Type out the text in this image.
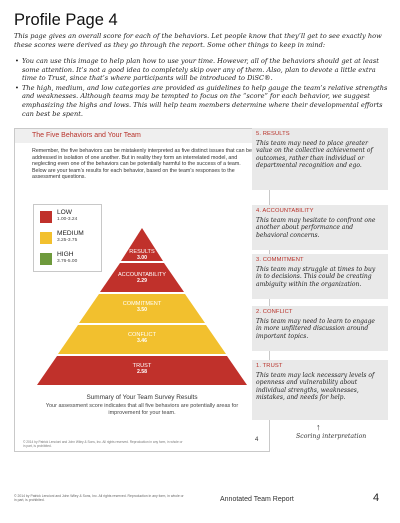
Profile Page 4
This page gives an overall score for each of the behaviors. Let people know that they’ll get to see exactly how these scores were derived as they go through the report. Some other things to keep in mind:
• You can use this image to help plan how to use your time. However, all of the behaviors should get at least some attention. It’s not a good idea to completely skip over any of them. Also, plan to devote a little extra time to Trust, since that’s where participants will be introduced to DiSC®.
• The high, medium, and low categories are provided as guidelines to help gauge the team’s relative strengths and weaknesses. Although teams may be tempted to focus on the “score” for each behavior, we suggest emphasizing the highs and lows. This will help team members determine where their developmental efforts can best be spent.
The Five Behaviors and Your Team
Remember, the five behaviors can be mistakenly interpreted as five distinct issues that can be addressed in isolation of one another. But in reality they form an interrelated model, and neglecting even one of the behaviors can be potentially harmful to the success of a team. Below are your team’s results for each behavior, based on the team’s responses to the assessment questions.
LOW
1.00-3.24
MEDIUM
3.25-3.75
HIGH
3.76-5.00
RESULTS
3.00
ACCOUNTABILITY
2.29
COMMITMENT
3.50
CONFLICT
3.46
TRUST
2.58
Summary of Your Team Survey Results
Your assessment score indicates that all five behaviors are potentially areas for improvement for your team.
© 2014 by Patrick Lencioni and John Wiley & Sons, Inc. All rights reserved. Reproduction in any form, in whole or in part, is prohibited.
4
5. RESULTS
This team may need to place greater value on the collective achievement of outcomes, rather than individual or departmental recognition and ego.
4. ACCOUNTABILITY
This team may hesitate to confront one another about performance and behavioral concerns.
3. COMMITMENT
This team may struggle at times to buy in to decisions. This could be creating ambiguity within the organization.
2. CONFLICT
This team may need to learn to engage in more unfiltered discussion around important topics.
1. TRUST
This team may lack necessary levels of openness and vulnerability about individual strengths, weaknesses, mistakes, and needs for help.
↑
Scoring interpretation
© 2014 by Patrick Lencioni and John Wiley & Sons, Inc. All rights reserved. Reproduction in any form, in whole or in part, is prohibited.	Annotated Team Report	4
